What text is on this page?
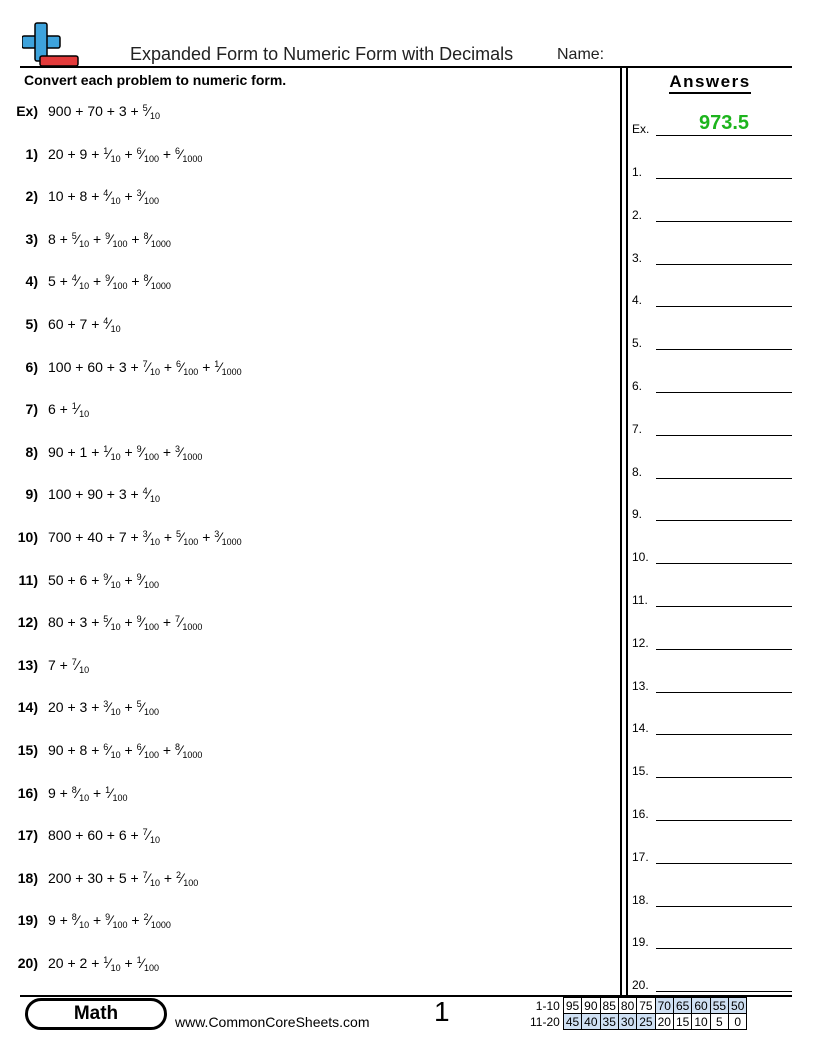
Expanded Form to Numeric Form with Decimals	Name:
Convert each problem to numeric form.
Ex) $900 + 70 + 3 + ^5⁄_{10}$
1) $20 + 9 + ^1⁄_{10}$ + $^6⁄_{100}$ + $^6⁄_{1000}$
2) $10 + 8 + ^4⁄_{10}$ + $^3⁄_{100}$
3) $8 + ^5⁄_{10}$ + $^9⁄_{100}$ + $^8⁄_{1000}$
4) $5 + ^4⁄_{10}$ + $^9⁄_{100}$ + $^8⁄_{1000}$
5) $60 + 7 + ^4⁄_{10}$
6) $100 + 60 + 3 + ^7⁄_{10}$ + $^6⁄_{100}$ + $^1⁄_{1000}$
7) $6 + ^1⁄_{10}$
8) $90 + 1 + ^1⁄_{10}$ + $^9⁄_{100}$ + $^3⁄_{1000}$
9) $100 + 90 + 3 + ^4⁄_{10}$
10) $700 + 40 + 7 + ^3⁄_{10}$ + $^5⁄_{100}$ + $^3⁄_{1000}$
11) $50 + 6 + ^9⁄_{10}$ + $^9⁄_{100}$
12) $80 + 3 + ^5⁄_{10}$ + $^9⁄_{100}$ + $^7⁄_{1000}$
13) $7 + ^7⁄_{10}$
14) $20 + 3 + ^3⁄_{10}$ + $^5⁄_{100}$
15) $90 + 8 + ^6⁄_{10}$ + $^6⁄_{100}$ + $^8⁄_{1000}$
16) $9 + ^8⁄_{10}$ + $^1⁄_{100}$
17) $800 + 60 + 6 + ^7⁄_{10}$
18) $200 + 30 + 5 + ^7⁄_{10}$ + $^2⁄_{100}$
19) $9 + ^8⁄_{10}$ + $^9⁄_{100}$ + $^2⁄_{1000}$
20) $20 + 2 + ^1⁄_{10}$ + $^1⁄_{100}$
Answers
Ex.	973.5
1.
2.
3.
4.
5.
6.
7.
8.
9.
10.
11.
12.
13.
14.
15.
16.
17.
18.
19.
20.
Math	www.CommonCoreSheets.com 1	1-10	95	90	85	80	75	70	65	60	55	50
11-20	45	40	35	30	25	20	15	10	5	0
